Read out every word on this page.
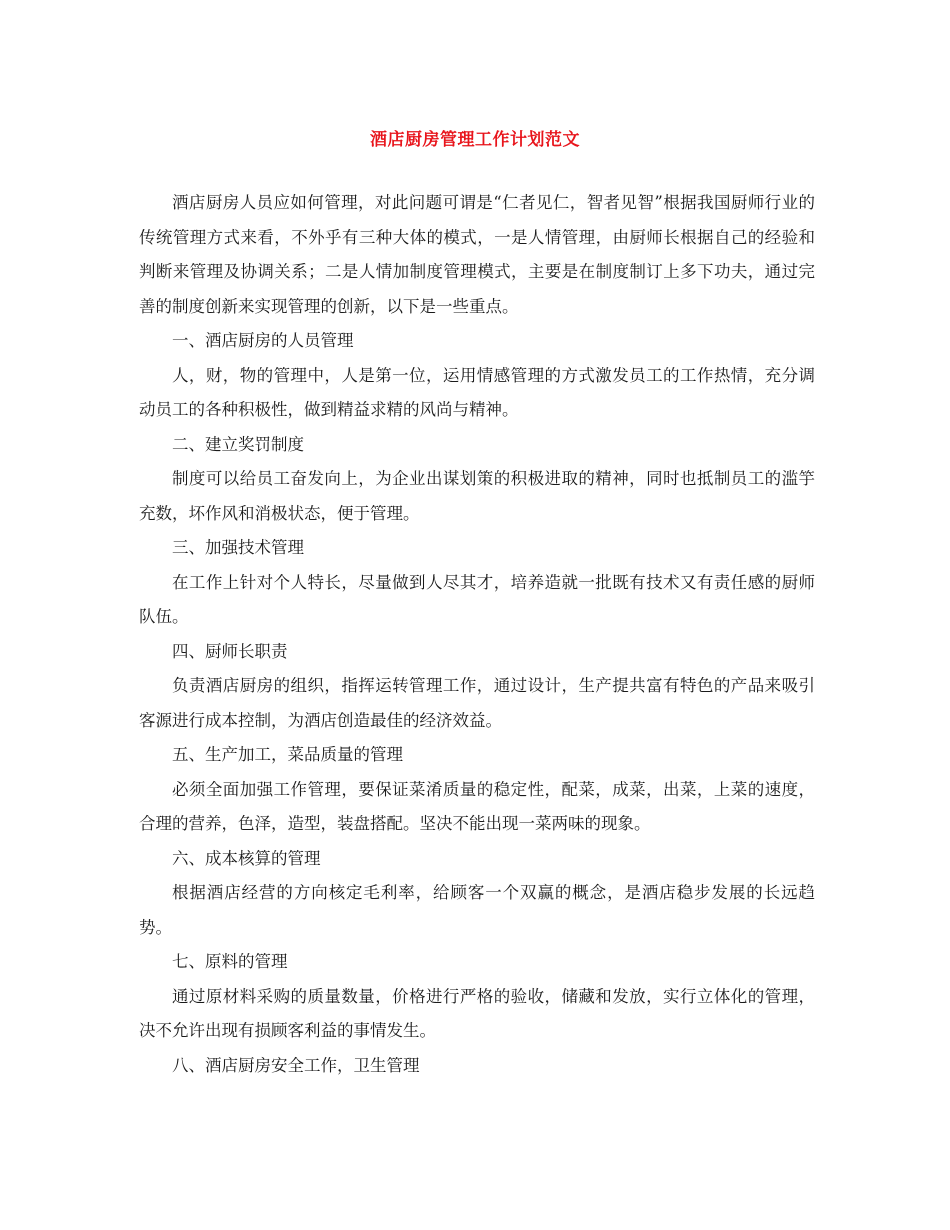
酒店厨房管理工作计划范文

酒店厨房人员应如何管理，对此问题可谓是“仁者见仁，智者见智”根据我国厨师行业的传统管理方式来看，不外乎有三种大体的模式，一是人情管理，由厨师长根据自己的经验和判断来管理及协调关系；二是人情加制度管理模式，主要是在制度制订上多下功夫，通过完善的制度创新来实现管理的创新，以下是一些重点。

一、酒店厨房的人员管理

人，财，物的管理中，人是第一位，运用情感管理的方式激发员工的工作热情，充分调动员工的各种积极性，做到精益求精的风尚与精神。

二、建立奖罚制度

制度可以给员工奋发向上，为企业出谋划策的积极进取的精神，同时也抵制员工的滥竽充数，坏作风和消极状态，便于管理。

三、加强技术管理

在工作上针对个人特长，尽量做到人尽其才，培养造就一批既有技术又有责任感的厨师队伍。

四、厨师长职责

负责酒店厨房的组织，指挥运转管理工作，通过设计，生产提共富有特色的产品来吸引客源进行成本控制，为酒店创造最佳的经济效益。

五、生产加工，菜品质量的管理

必须全面加强工作管理，要保证菜淆质量的稳定性，配菜，成菜，出菜，上菜的速度，合理的营养，色泽，造型，装盘搭配。坚决不能出现一菜两味的现象。

六、成本核算的管理

根据酒店经营的方向核定毛利率，给顾客一个双赢的概念，是酒店稳步发展的长远趋势。

七、原料的管理

通过原材料采购的质量数量，价格进行严格的验收，储藏和发放，实行立体化的管理，决不允许出现有损顾客利益的事情发生。

八、酒店厨房安全工作，卫生管理
